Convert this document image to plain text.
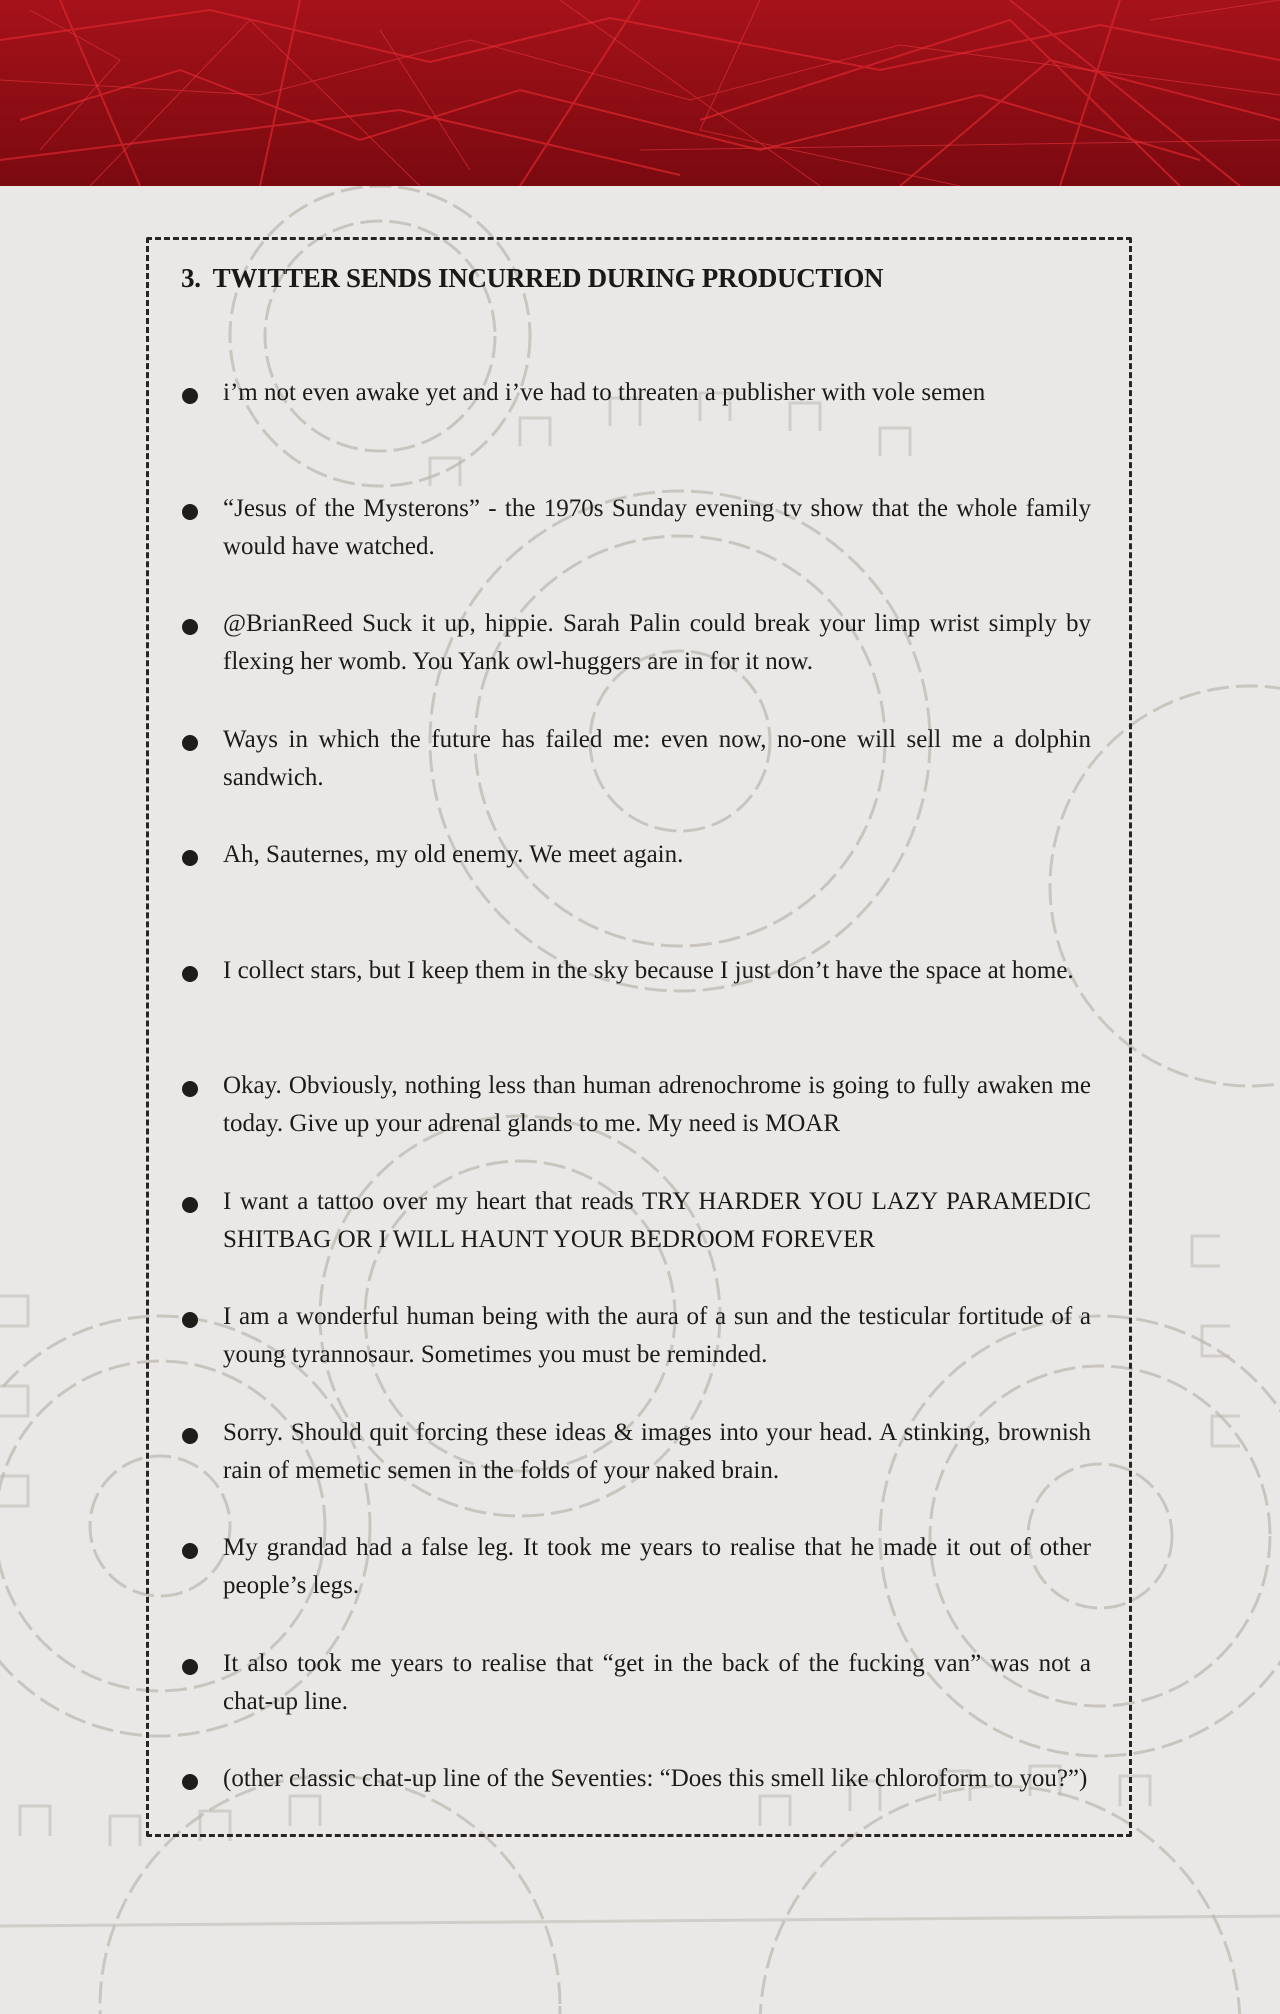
3. TWITTER SENDS INCURRED DURING PRODUCTION
i’m not even awake yet and i’ve had to threaten a publisher with vole semen
“Jesus of the Mysterons” - the 1970s Sunday evening tv show that the whole family would have watched.
@BrianReed Suck it up, hippie. Sarah Palin could break your limp wrist simply by flexing her womb. You Yank owl-huggers are in for it now.
Ways in which the future has failed me: even now, no-one will sell me a dolphin sandwich.
Ah, Sauternes, my old enemy. We meet again.
I collect stars, but I keep them in the sky because I just don’t have the space at home.
Okay. Obviously, nothing less than human adrenochrome is going to fully awaken me today. Give up your adrenal glands to me. My need is MOAR
I want a tattoo over my heart that reads TRY HARDER YOU LAZY PARAMEDIC SHITBAG OR I WILL HAUNT YOUR BEDROOM FOREVER
I am a wonderful human being with the aura of a sun and the testicular fortitude of a young tyrannosaur. Sometimes you must be reminded.
Sorry. Should quit forcing these ideas & images into your head. A stinking, brownish rain of memetic semen in the folds of your naked brain.
My grandad had a false leg. It took me years to realise that he made it out of other people’s legs.
It also took me years to realise that “get in the back of the fucking van” was not a chat-up line.
(other classic chat-up line of the Seventies: “Does this smell like chloroform to you?”)
